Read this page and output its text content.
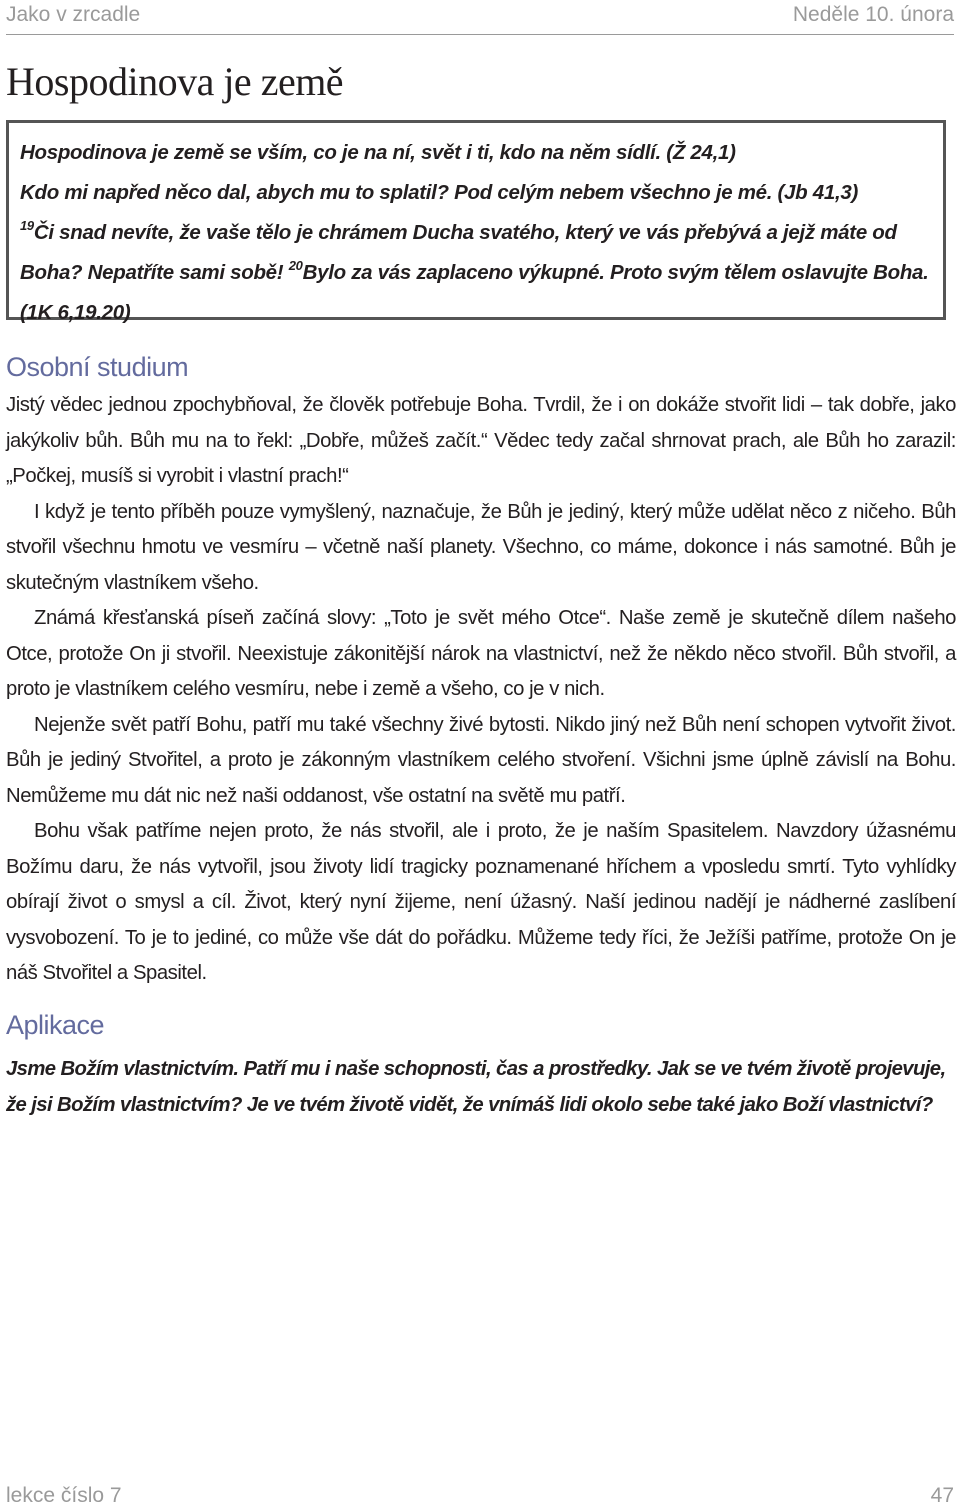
Jako v zrcadle	Neděle 10. února
Hospodinova je země

Hospodinova je země se vším, co je na ní, svět i ti, kdo na něm sídlí. (Ž 24,1)

Kdo mi napřed něco dal, abych mu to splatil? Pod celým nebem všechno je mé. (Jb 41,3)

$^{19}$Či snad nevíte, že vaše tělo je chrámem Ducha svatého, který ve vás přebývá a jejž máte od Boha? Nepatříte sami sobě! $^{20}$Bylo za vás zaplaceno výkupné. Proto svým tělem oslavujte Boha. (1K 6,19.20)

Osobní studium

Jistý vědec jednou zpochybňoval, že člověk potřebuje Boha. Tvrdil, že i on dokáže stvořit lidi – tak dobře, jako jakýkoliv bůh. Bůh mu na to řekl: „Dobře, můžeš začít.“ Vědec tedy začal shrnovat prach, ale Bůh ho zarazil: „Počkej, musíš si vyrobit i vlastní prach!“

I když je tento příběh pouze vymyšlený, naznačuje, že Bůh je jediný, který může udělat něco z ničeho. Bůh stvořil všechnu hmotu ve vesmíru – včetně naší planety. Všechno, co máme, dokonce i nás samotné. Bůh je skutečným vlastníkem všeho.

Známá křesťanská píseň začíná slovy: „Toto je svět mého Otce“. Naše země je skutečně dílem našeho Otce, protože On ji stvořil. Neexistuje zákonitější nárok na vlastnictví, než že někdo něco stvořil. Bůh stvořil, a proto je vlastníkem celého vesmíru, nebe i země a všeho, co je v nich.

Nejenže svět patří Bohu, patří mu také všechny živé bytosti. Nikdo jiný než Bůh není schopen vytvořit život. Bůh je jediný Stvořitel, a proto je zákonným vlastníkem celého stvoření. Všichni jsme úplně závislí na Bohu. Nemůžeme mu dát nic než naši oddanost, vše ostatní na světě mu patří.

Bohu však patříme nejen proto, že nás stvořil, ale i proto, že je naším Spasitelem. Navzdory úžasnému Božímu daru, že nás vytvořil, jsou životy lidí tragicky poznamenané hříchem a vposledu smrtí. Tyto vyhlídky obírají život o smysl a cíl. Život, který nyní žijeme, není úžasný. Naší jedinou nadějí je nádherné zaslíbení vysvobození. To je to jediné, co může vše dát do pořádku. Můžeme tedy říci, že Ježíši patříme, protože On je náš Stvořitel a Spasitel.

Aplikace
Jsme Božím vlastnictvím. Patří mu i naše schopnosti, čas a prostředky. Jak se ve tvém životě projevuje, že jsi Božím vlastnictvím? Je ve tvém životě vidět, že vnímáš lidi okolo sebe také jako Boží vlastnictví?
lekce číslo 7	47
